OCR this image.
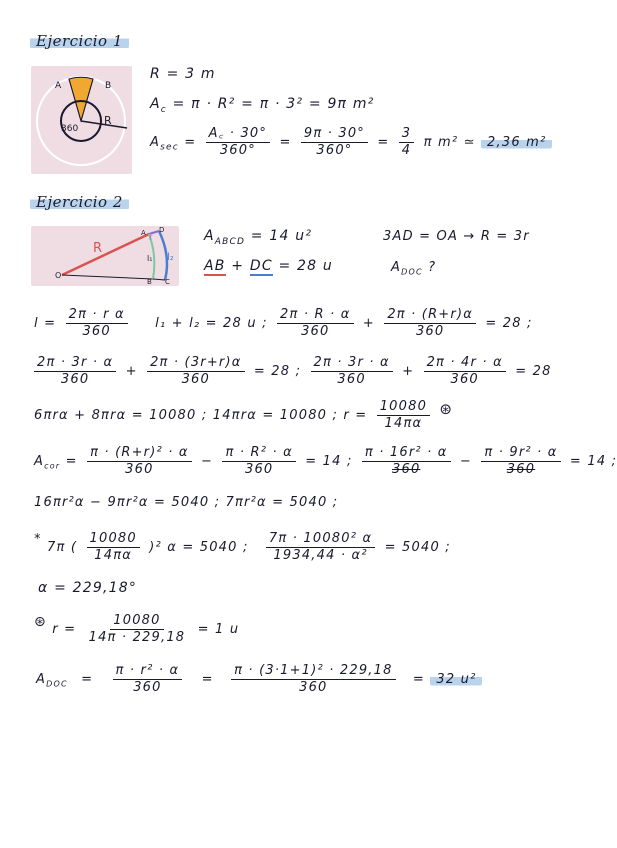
Ejercicio 1
A	B
360
R
R = 3 m
$A_c = \pi \cdot R^2 = \pi \cdot 3^2 = 9\pi$ m²
$A_{sec} = \frac{A꜀ \cdot 30^\circ}{360^\circ} = \frac{9\pi \cdot 30^\circ}{360^\circ} = \frac{3}{4}$ π m² ≃ 2,36 m²
Ejercicio 2
R
r
A D
l₁ l₂
B C
O
$A_{ABCD} = 14$ u²	3AD = OA → R = 3r
AB + DC = 28 u	$A_{DOC}$ ?
$l = \frac{\text{2π · r α}}{360} l_1 + l_2 = 28$ u ; $\frac{2\pi \cdot R \cdot \alpha}{360} + \frac{2\pi \cdot (R+r)\alpha}{360} = 28$ ;
$\frac{2\pi \cdot 3r \cdot \alpha}{360} + \frac{2\pi \cdot (3r+r)\alpha}{360} = 28$ ; $\frac{2\pi \cdot 3r \cdot \alpha}{360} + \frac{2\pi \cdot 4r \cdot \alpha}{360} = 28$
6πrα + 8πrα = 10080 ; 14πrα = 10080 ; $r = \frac{10080}{14\pi\alpha}$ ⊛
$A_{cor} = \frac{\text{π · (R+r)² · α}}{360} - \frac{\text{π · R² · α}}{360} = 14$ ; $\frac{\text{π · 16r² · α}}{360} - \frac{\text{π · 9r² · α}}{360} = 14$ ;
16πr²α − 9πr²α = 5040 ; 7πr²α = 5040 ;
* 7π ( $\frac{10080}{14\pi\alpha} )^2$ α = 5040 ; $\frac{\text{7π · 10080² α}}{\text{1934,44 · α²}} = 5040$ ;
α = 229,18°
⊛ $r = \frac{10080}{14\pi \cdot 229,18} = 1$ u
$A_{DOC} = \frac{\text{π · r² · α}}{360} = \frac{\text{π · (3·1+1)² · 229,18}}{360} = 32$ u²
